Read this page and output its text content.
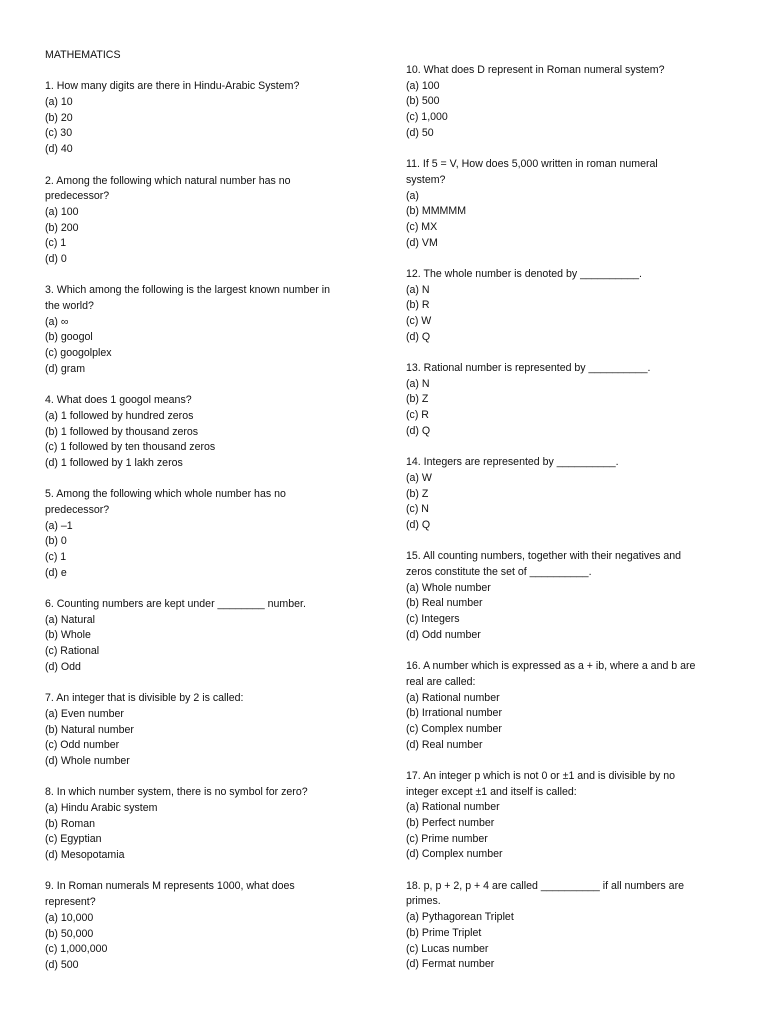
MATHEMATICS
1. How many digits are there in Hindu-Arabic System?
(a) 10
(b) 20
(c) 30
(d) 40
2. Among the following which natural number has no
predecessor?
(a) 100
(b) 200
(c) 1
(d) 0
3. Which among the following is the largest known number in
the world?
(a) ∞
(b) googol
(c) googolplex
(d) gram
4. What does 1 googol means?
(a) 1 followed by hundred zeros
(b) 1 followed by thousand zeros
(c) 1 followed by ten thousand zeros
(d) 1 followed by 1 lakh zeros
5. Among the following which whole number has no
predecessor?
(a) –1
(b) 0
(c) 1
(d) e
6. Counting numbers are kept under ________ number.
(a) Natural
(b) Whole
(c) Rational
(d) Odd
7. An integer that is divisible by 2 is called:
(a) Even number
(b) Natural number
(c) Odd number
(d) Whole number
8. In which number system, there is no symbol for zero?
(a) Hindu Arabic system
(b) Roman
(c) Egyptian
(d) Mesopotamia
9. In Roman numerals M represents 1000, what does
represent?
(a) 10,000
(b) 50,000
(c) 1,000,000
(d) 500
10. What does D represent in Roman numeral system?
(a) 100
(b) 500
(c) 1,000
(d) 50
11. If 5 = V, How does 5,000 written in roman numeral
system?
(a)
(b) MMMMM
(c) MX
(d) VM
12. The whole number is denoted by __________.
(a) N
(b) R
(c) W
(d) Q
13. Rational number is represented by __________.
(a) N
(b) Z
(c) R
(d) Q
14. Integers are represented by __________.
(a) W
(b) Z
(c) N
(d) Q
15. All counting numbers, together with their negatives and
zeros constitute the set of __________.
(a) Whole number
(b) Real number
(c) Integers
(d) Odd number
16. A number which is expressed as a + ib, where a and b are
real are called:
(a) Rational number
(b) Irrational number
(c) Complex number
(d) Real number
17. An integer p which is not 0 or ±1 and is divisible by no
integer except ±1 and itself is called:
(a) Rational number
(b) Perfect number
(c) Prime number
(d) Complex number
18. p, p + 2, p + 4 are called __________ if all numbers are
primes.
(a) Pythagorean Triplet
(b) Prime Triplet
(c) Lucas number
(d) Fermat number
